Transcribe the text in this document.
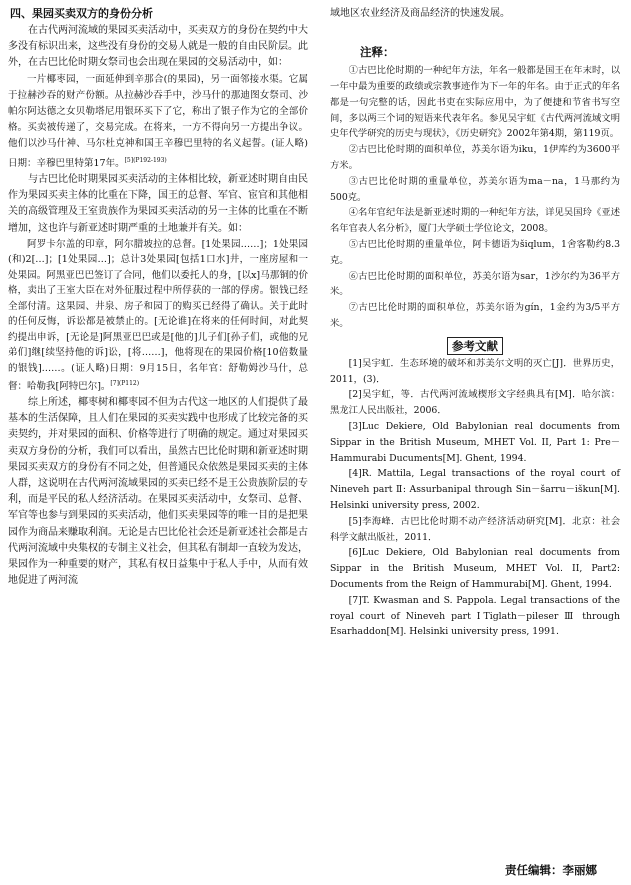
四、果园买卖双方的身份分析

在古代两河流域的果园买卖活动中，买卖双方的身份在契约中大多没有标识出来，这些没有身份的交易人就是一般的自由民阶层。此外，在古巴比伦时期女祭司也会出现在果园的交易活动中，如：

一片椰枣园，一面延伸到辛那合(的果园)，另一面邻接水渠。它属于拉赫沙吞的财产份额。从拉赫沙吞手中，沙马什的那迪图女祭司、沙帕尔阿达德之女贝勒塔尼用银环买下了它，称出了银子作为它的全部价格。买卖被传递了，交易完成。在将来，一方不得向另一方提出争议。他们以沙马什神、马尔杜克神和国王辛穆巴里特的名义起誓。(证人略)日期：辛穆巴里特第17年。$^{[5](P192-193)}$

与古巴比伦时期果园买卖活动的主体相比较，新亚述时期自由民作为果园买卖主体的比重在下降，国王的总督、军官、宦官和其他相关的高级管理及王室贵族作为果园买卖活动的另一主体的比重在不断增加，这也许与新亚述时期严重的土地兼并有关。如：

阿罗卡尔盖的印章，阿尔腊坡拉的总督。[1处果园……]；1处果园(和)2[…]；[1处果园…]；总计3处果园[包括1口水]井，一座房屋和一处果园。阿黑亚巴巴签订了合同，他们以委托人的身，[以x]马那铜的价格，卖出了王室大臣在对外征服过程中所俘获的一部的俘虏。银钱已经全部付清。这果园、井泉、房子和园丁的购买已经得了确认。关于此时的任何反悔，诉讼都是被禁止的。[无论谁]在将来的任何时间，对此契约提出申诉，[无论是]阿黑亚巴巴或是[他的]儿子们[孙子们，或他的兄弟们]继[续坚持他的诉]讼，[将……]，他将现在的果园价格[10倍数量的银钱]……。(证人略)日期：9月15日，名年官：舒勒姆沙马什，总督：哈勒我[阿特巴尔]。$^{[7](P112)}$

综上所述，椰枣树和椰枣园不但为古代这一地区的人们提供了最基本的生活保障，且人们在果园的买卖实践中也形成了比较完备的买卖契约，并对果园的面积、价格等进行了明确的规定。通过对果园买卖双方身份的分析，我们可以看出，虽然古巴比伦时期和新亚述时期果园买卖双方的身份有不同之处，但普通民众依然是果园买卖的主体人群，这说明在古代两河流域果园的买卖已经不是王公贵族阶层的专利，而是平民的私人经济活动。在果园买卖活动中，女祭司、总督、军官等也参与到果园的买卖活动，他们买卖果园等的唯一目的是把果园作为商品来赚取利润。无论是古巴比伦社会还是新亚述社会都是古代两河流域中央集权的专制主义社会，但其私有制却一直较为发达，果园作为一种重要的财产，其私有权日益集中于私人手中，从而有效地促进了两河流

域地区农业经济及商品经济的快速发展。

注释：

①古巴比伦时期的一种纪年方法，年名一般都是国王在年末时，以一年中最为重要的政绩或宗教事迹作为下一年的年名。由于正式的年名都是一句完整的话，因此书吏在实际应用中，为了便捷和节省书写空间，多以两三个词的短语来代表年名。参见吴宇虹《古代两河流域文明史年代学研究的历史与现状》，《历史研究》2002年第4期，第119页。

②古巴比伦时期的面积单位，苏美尔语为iku，1伊库约为3600平方米。

③古巴比伦时期的重量单位，苏美尔语为ma－na，1马那约为500克。

④名年官纪年法是新亚述时期的一种纪年方法，详见吴国玲《亚述名年官表人名分析》，厦门大学硕士学位论文，2008。

⑤古巴比伦时期的重量单位，阿卡德语为šiqlum，1舍客勒约8.3克。

⑥古巴比伦时期的面积单位，苏美尔语为sar，1沙尔约为36平方米。

⑦古巴比伦时期的面积单位，苏美尔语为gín，1金约为3/5平方米。

参考文献

[1]吴宇虹．生态环境的破坏和苏美尔文明的灭亡[J]．世界历史，2011，(3)．

[2]吴宇虹，等．古代两河流域楔形文字经典具有[M]．哈尔滨：黑龙江人民出版社，2006．

[3]Luc Dekiere, Old Babylonian real documents from Sippar in the British Museum, MHET Vol. II, Part 1: Pre－Hammurabi Ducuments[M]. Ghent, 1994.

[4]R. Mattila, Legal transactions of the royal court of Nineveh part Ⅱ: Assurbanipal through Sin－šarru－iškun[M]. Helsinki university press, 2002.

[5]李海峰．古巴比伦时期不动产经济活动研究[M]．北京：社会科学文献出版社，2011．

[6]Luc Dekiere, Old Babylonian real documents from Sippar in the British Museum, MHET Vol. II, Part2: Documents from the Reign of Hammurabi[M]. Ghent, 1994.

[7]T. Kwasman and S. Pappola. Legal transactions of the royal court of Nineveh part ⅠTiglath－pileser Ⅲ through Esarhaddon[M]. Helsinki university press, 1991.

责任编辑：李丽娜
